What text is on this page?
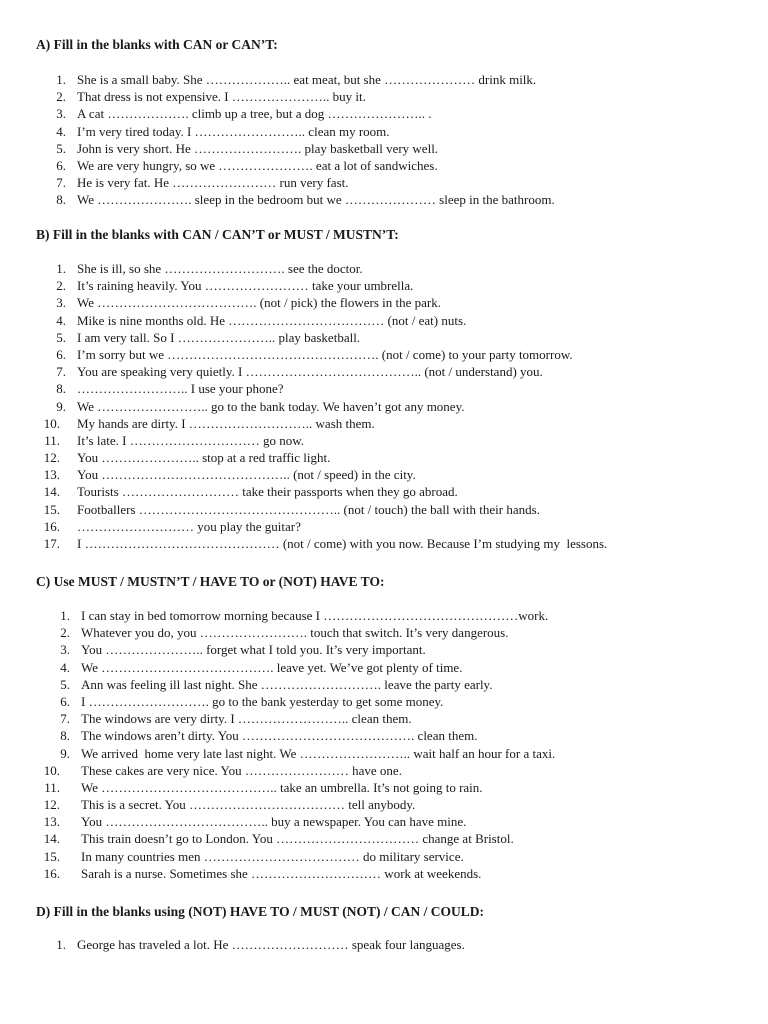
A) Fill in the blanks with CAN or CAN’T:
1. She is a small baby. She ……………….. eat meat, but she ………………… drink milk.
2. That dress is not expensive. I ………………….. buy it.
3. A cat ………………. climb up a tree, but a dog ………………….. .
4. I’m very tired today. I …………………….. clean my room.
5. John is very short. He ……………………. play basketball very well.
6. We are very hungry, so we …………………. eat a lot of sandwiches.
7. He is very fat. He …………………… run very fast.
8. We …………………. sleep in the bedroom but we ………………… sleep in the bathroom.
B) Fill in the blanks with CAN / CAN’T or MUST / MUSTN’T:
1. She is ill, so she ………………………. see the doctor.
2. It’s raining heavily. You …………………… take your umbrella.
3. We ………………………………. (not / pick) the flowers in the park.
4. Mike is nine months old. He ……………………………… (not / eat) nuts.
5. I am very tall. So I ………………….. play basketball.
6. I’m sorry but we …………………………………………. (not / come) to your party tomorrow.
7. You are speaking very quietly. I ………………………………….. (not / understand) you.
8. …………………….. I use your phone?
9. We …………………….. go to the bank today. We haven’t got any money.
10. My hands are dirty. I ……………………….. wash them.
11. It’s late. I ………………………… go now.
12. You ………………….. stop at a red traffic light.
13. You …………………………………….. (not / speed) in the city.
14. Tourists ……………………… take their passports when they go abroad.
15. Footballers ……………………………………….. (not / touch) the ball with their hands.
16. ……………………… you play the guitar?
17. I ……………………………………… (not / come) with you now. Because I’m studying my  lessons.
C) Use MUST / MUSTN’T / HAVE TO or (NOT) HAVE TO:
1. I can stay in bed tomorrow morning because I ………………………………………work.
2. Whatever you do, you ……………………. touch that switch. It’s very dangerous.
3. You ………………….. forget what I told you. It’s very important.
4. We …………………………………. leave yet. We’ve got plenty of time.
5. Ann was feeling ill last night. She ………………………. leave the party early.
6. I ………………………. go to the bank yesterday to get some money.
7. The windows are very dirty. I …………………….. clean them.
8. The windows aren’t dirty. You …………………………………. clean them.
9. We arrived  home very late last night. We …………………….. wait half an hour for a taxi.
10. These cakes are very nice. You …………………… have one.
11. We ………………………………….. take an umbrella. It’s not going to rain.
12. This is a secret. You ……………………………… tell anybody.
13. You ……………………………….. buy a newspaper. You can have mine.
14. This train doesn’t go to London. You …………………………… change at Bristol.
15. In many countries men ……………………………… do military service.
16. Sarah is a nurse. Sometimes she ………………………… work at weekends.
D) Fill in the blanks using (NOT) HAVE TO / MUST (NOT) / CAN / COULD:
1. George has traveled a lot. He ……………………… speak four languages.
